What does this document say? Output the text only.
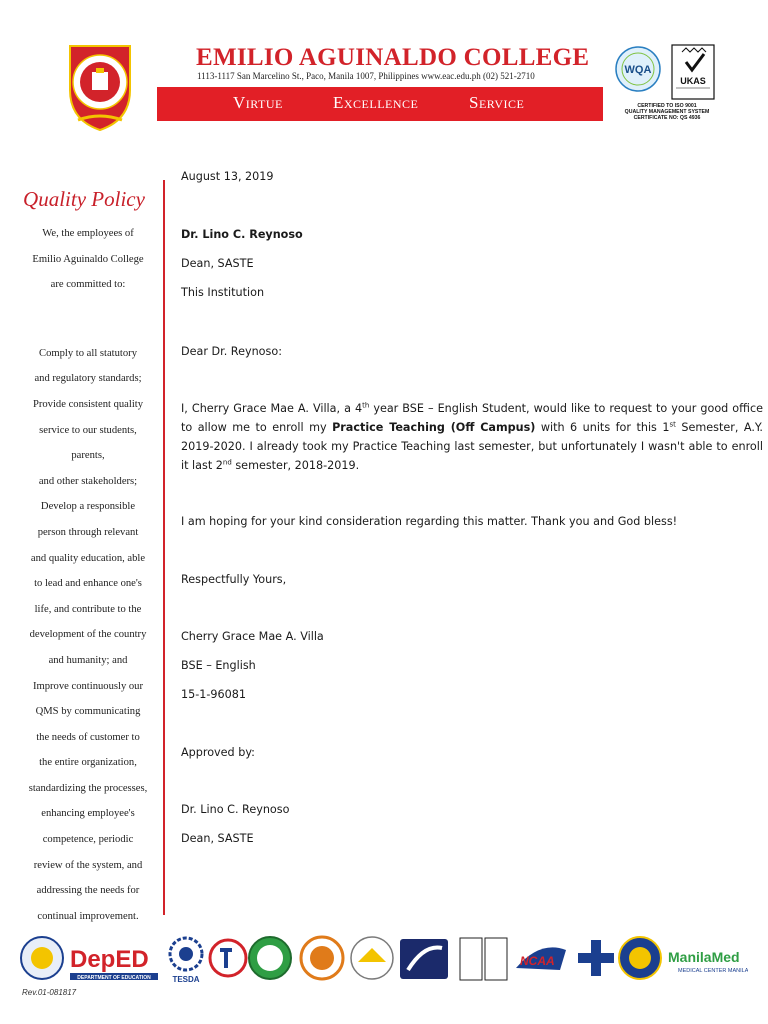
EMILIO AGUINALDO COLLEGE
1113-1117 San Marcelino St., Paco, Manila 1007, Philippines www.eac.edu.ph (02) 521-2710
Virtue	Excellence	Service
WQA
UKAS
CERTIFIED TO ISO 9001
QUALITY MANAGEMENT SYSTEM
CERTIFICATE NO: QS 4936
Quality Policy
We, the employees of
Emilio Aguinaldo College
are committed to:
Comply to all statutory
and regulatory standards;
Provide consistent quality
service to our students,
parents,
and other stakeholders;
Develop a responsible
person through relevant
and quality education, able
to lead and enhance one's
life, and contribute to the
development of the country
and humanity; and
Improve continuously our
QMS by communicating
the needs of customer to
the entire organization,
standardizing the processes,
enhancing employee's
competence, periodic
review of the system, and
addressing the needs for
continual improvement.
August 13, 2019
Dr. Lino C. Reynoso
Dean, SASTE
This Institution
Dear Dr. Reynoso:
I, Cherry Grace Mae A. Villa, a 4th year BSE – English Student, would like to request to your good office to allow me to enroll my Practice Teaching (Off Campus) with 6 units for this 1st Semester, A.Y. 2019-2020. I already took my Practice Teaching last semester, but unfortunately I wasn't able to enroll it last 2nd semester, 2018-2019.
I am hoping for your kind consideration regarding this matter. Thank you and God bless!
Respectfully Yours,
Cherry Grace Mae A. Villa
BSE – English
15-1-96081
Approved by:
Dr. Lino C. Reynoso
Dean, SASTE
DepED
DEPARTMENT OF EDUCATION	TESDA
NCAA	ManilaMed
MEDICAL CENTER MANILA
Rev.01-081817
